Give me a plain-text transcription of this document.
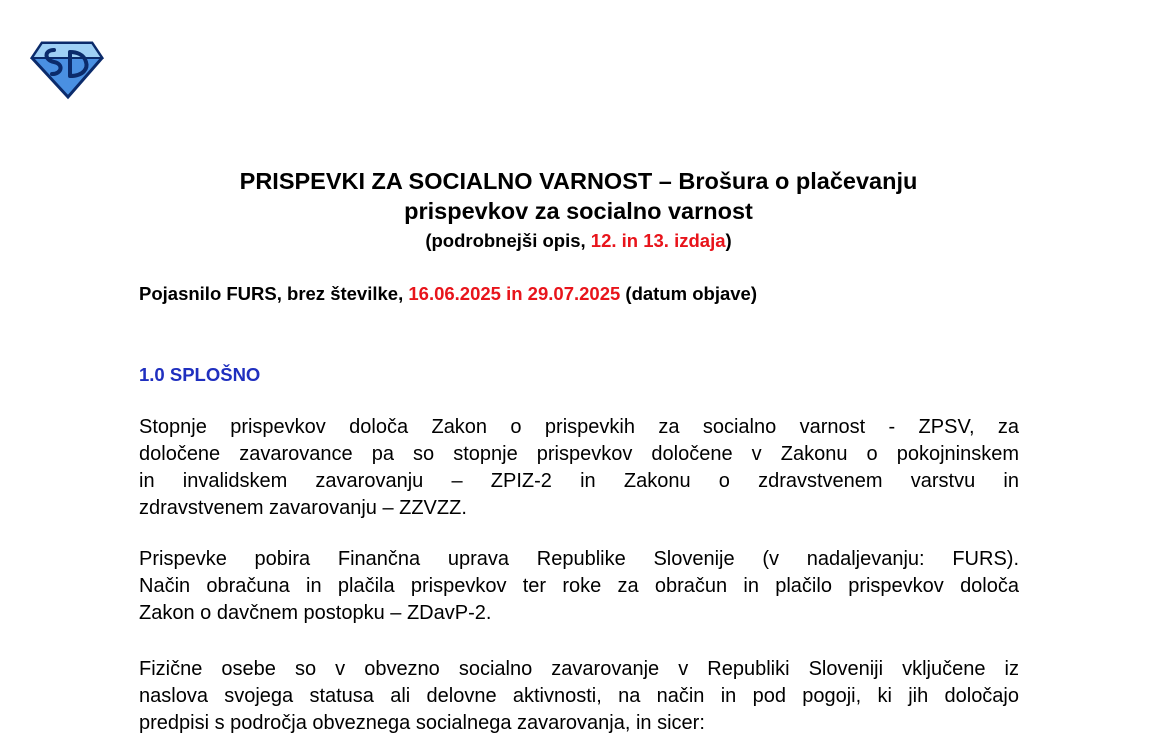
PRISPEVKI ZA SOCIALNO VARNOST – Brošura o plačevanju
prispevkov za socialno varnost
(podrobnejši opis, 12. in 13. izdaja)
Pojasnilo FURS, brez številke, 16.06.2025 in 29.07.2025 (datum objave)
1.0 SPLOŠNO
Stopnje prispevkov določa Zakon o prispevkih za socialno varnost - ZPSV, za
določene zavarovance pa so stopnje prispevkov določene v Zakonu o pokojninskem
in invalidskem zavarovanju – ZPIZ-2 in Zakonu o zdravstvenem varstvu in
zdravstvenem zavarovanju – ZZVZZ.
Prispevke pobira Finančna uprava Republike Slovenije (v nadaljevanju: FURS).
Način obračuna in plačila prispevkov ter roke za obračun in plačilo prispevkov določa
Zakon o davčnem postopku – ZDavP-2.
Fizične osebe so v obvezno socialno zavarovanje v Republiki Sloveniji vključene iz
naslova svojega statusa ali delovne aktivnosti, na način in pod pogoji, ki jih določajo
predpisi s področja obveznega socialnega zavarovanja, in sicer:
